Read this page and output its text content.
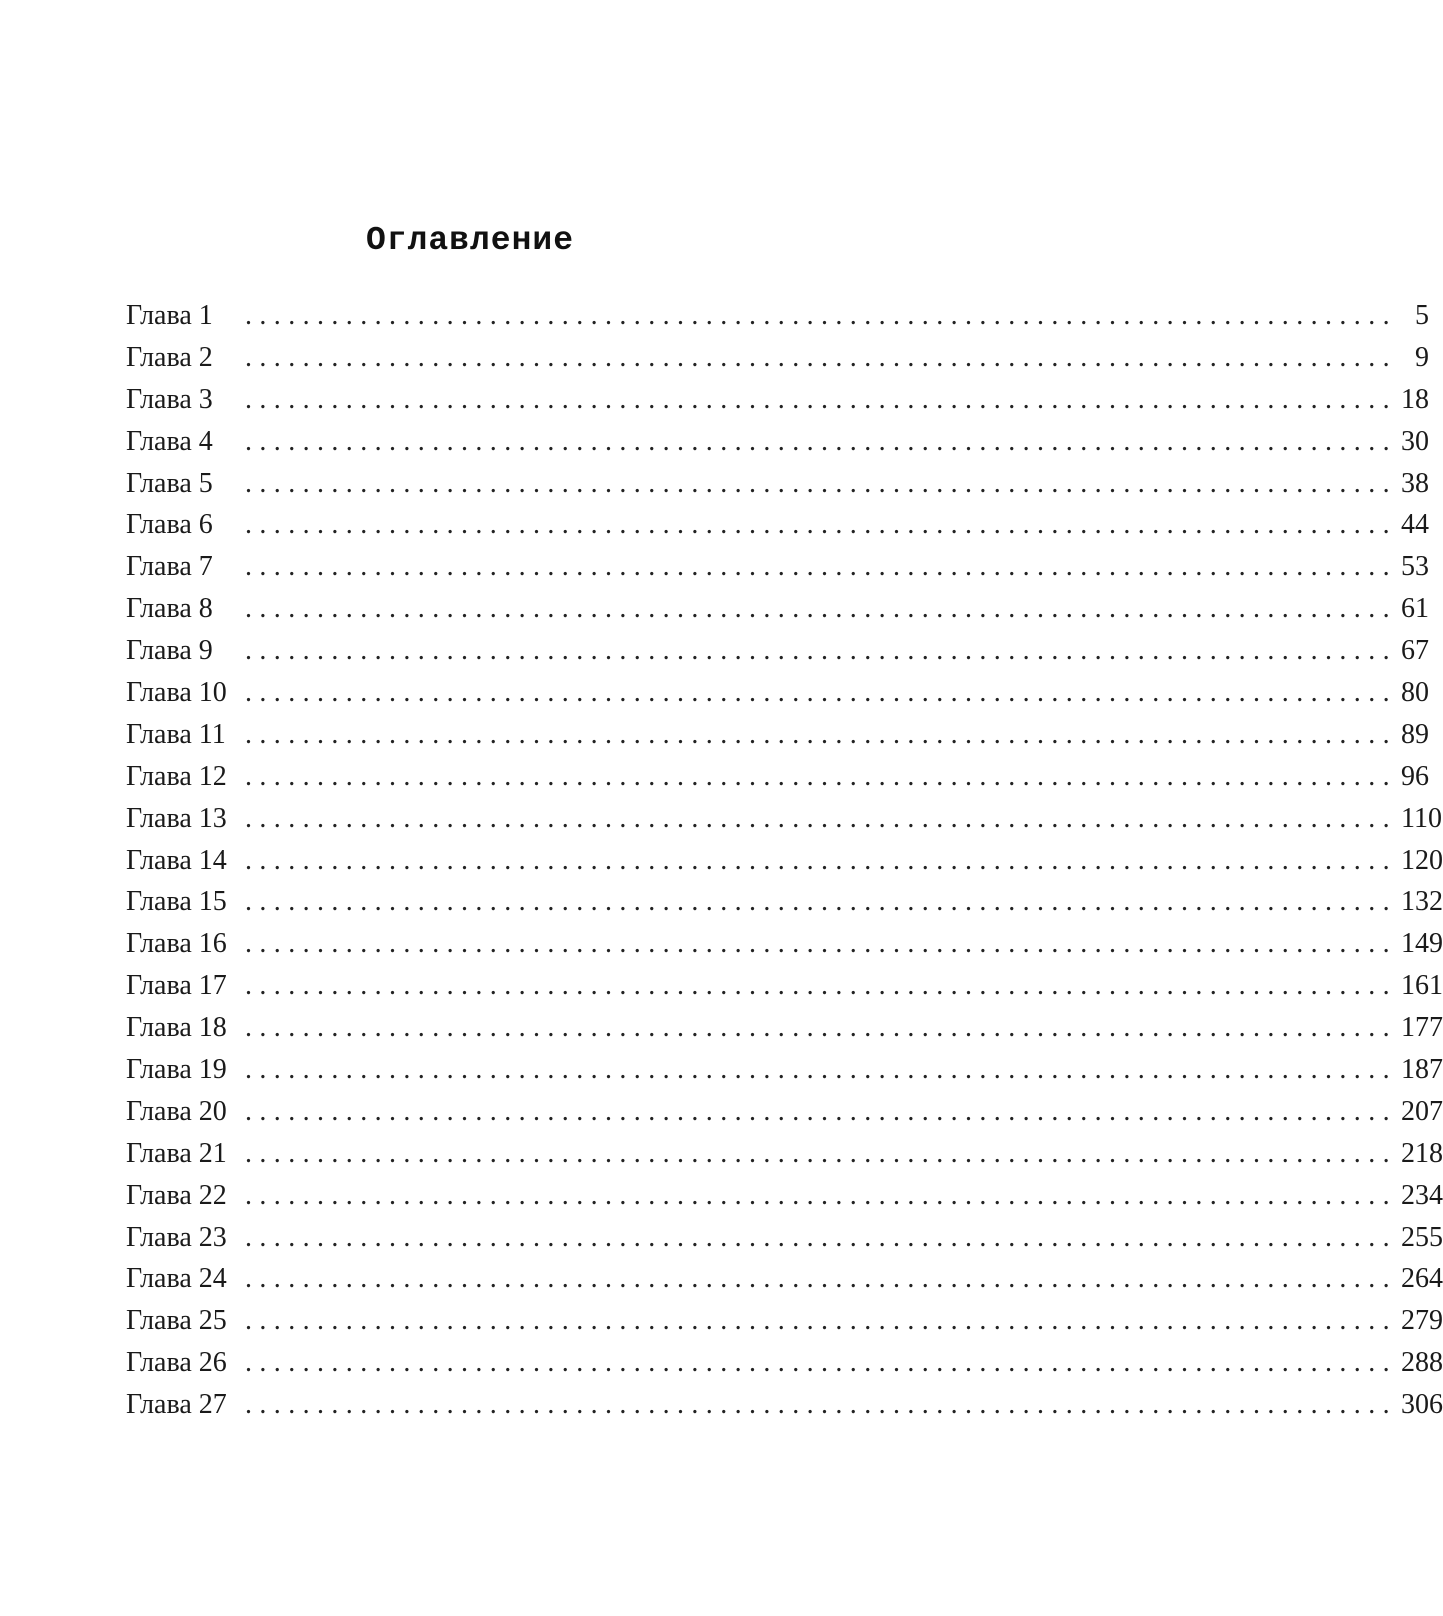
Оглавление
Глава 1	................................................................................ 5
Глава 2	................................................................................ 9
Глава 3	................................................................................ 18
Глава 4	................................................................................ 30
Глава 5	................................................................................ 38
Глава 6	................................................................................ 44
Глава 7	................................................................................ 53
Глава 8	................................................................................ 61
Глава 9	................................................................................ 67
Глава 10 ................................................................................ 80
Глава 11 ................................................................................ 89
Глава 12 ................................................................................ 96
Глава 13 ................................................................................ 110
Глава 14 ................................................................................ 120
Глава 15 ................................................................................ 132
Глава 16 ................................................................................ 149
Глава 17 ................................................................................ 161
Глава 18 ................................................................................ 177
Глава 19 ................................................................................ 187
Глава 20 ................................................................................ 207
Глава 21 ................................................................................ 218
Глава 22 ................................................................................ 234
Глава 23 ................................................................................ 255
Глава 24 ................................................................................ 264
Глава 25 ................................................................................ 279
Глава 26 ................................................................................ 288
Глава 27 ................................................................................ 306
